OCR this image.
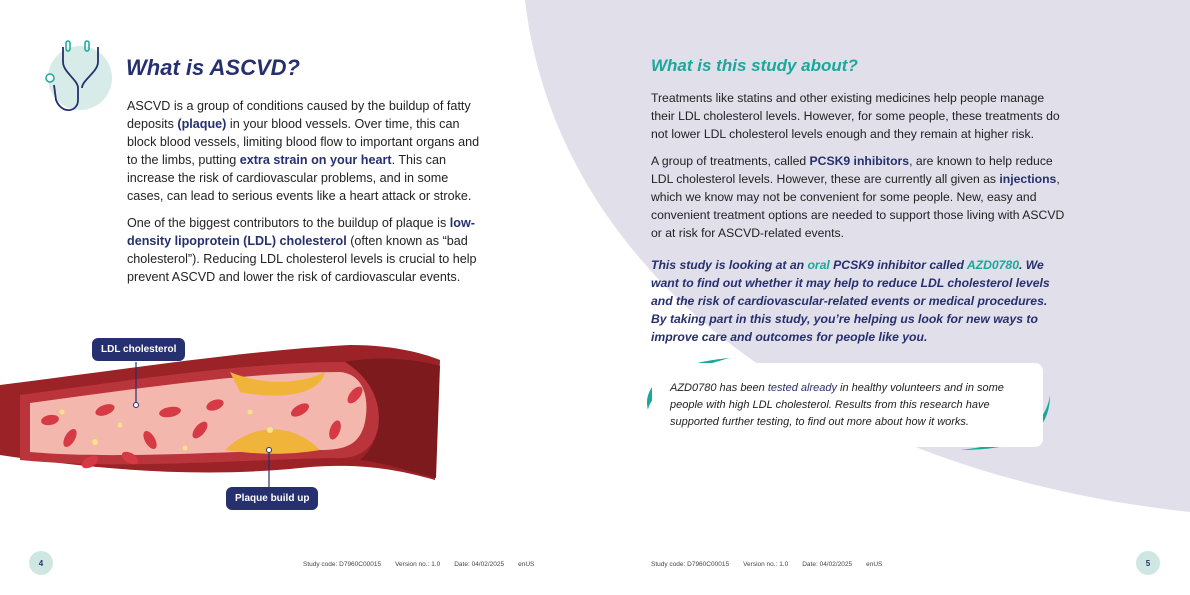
What is ASCVD?

ASCVD is a group of conditions caused by the buildup of fatty deposits (plaque) in your blood vessels. Over time, this can block blood vessels, limiting blood flow to important organs and to the limbs, putting extra strain on your heart. This can increase the risk of cardiovascular problems, and in some cases, can lead to serious events like a heart attack or stroke.

One of the biggest contributors to the buildup of plaque is low-density lipoprotein (LDL) cholesterol (often known as “bad cholesterol”). Reducing LDL cholesterol levels is crucial to help prevent ASCVD and lower the risk of cardiovascular events.

LDL cholesterol
Plaque build up
What is this study about?

Treatments like statins and other existing medicines help people manage their LDL cholesterol levels. However, for some people, these treatments do not lower LDL cholesterol levels enough and they remain at higher risk.

A group of treatments, called PCSK9 inhibitors, are known to help reduce LDL cholesterol levels. However, these are currently all given as injections, which we know may not be convenient for some people. New, easy and convenient treatment options are needed to support those living with ASCVD or at risk for ASCVD-related events.

This study is looking at an oral PCSK9 inhibitor called AZD0780. We want to find out whether it may help to reduce LDL cholesterol levels and the risk of cardiovascular-related events or medical procedures. By taking part in this study, you’re helping us look for new ways to improve care and outcomes for people like you.

AZD0780 has been tested already in healthy volunteers and in some people with high LDL cholesterol. Results from this research have supported further testing, to find out more about how it works.
4	Study code: D7960C00015 Version no.: 1.0 Date: 04/02/2025 enUS	Study code: D7960C00015 Version no.: 1.0 Date: 04/02/2025 enUS	5
